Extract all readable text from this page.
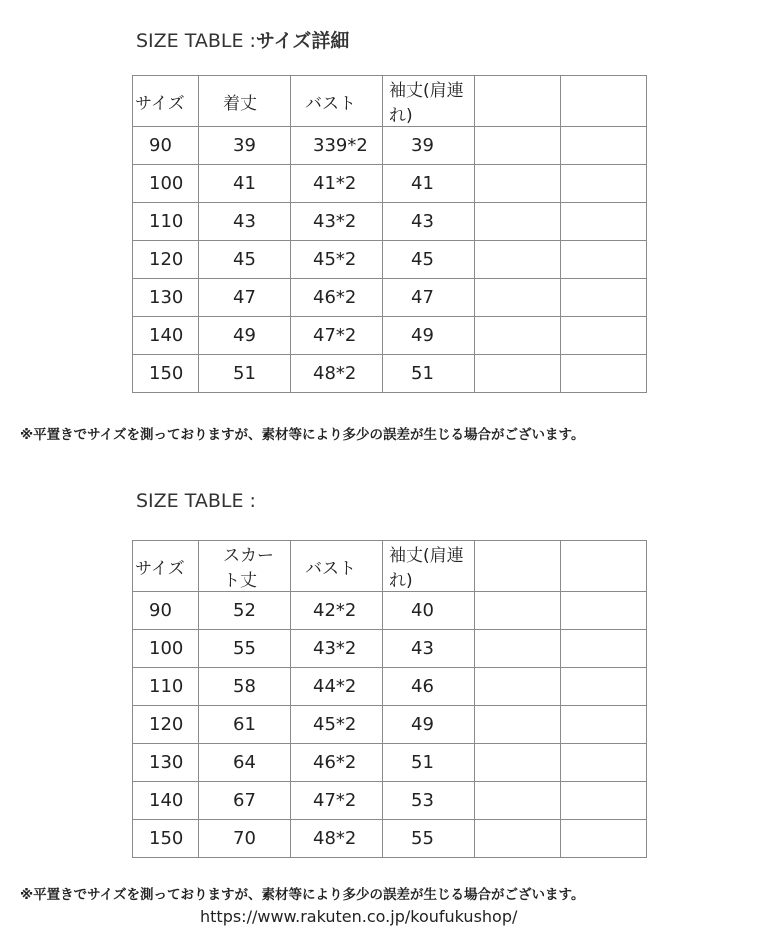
SIZE TABLE :サイズ詳細
サイズ	着丈	バスト	袖丈(肩連れ)		
90	39	339*2	39		
100	41	41*2	41		
110	43	43*2	43		
120	45	45*2	45		
130	47	46*2	47		
140	49	47*2	49		
150	51	48*2	51		
※平置きでサイズを測っておりますが、素材等により多少の誤差が生じる場合がございます。
SIZE TABLE :
サイズ	スカート丈	バスト	袖丈(肩連れ)		
90	52	42*2	40		
100	55	43*2	43		
110	58	44*2	46		
120	61	45*2	49		
130	64	46*2	51		
140	67	47*2	53		
150	70	48*2	55		
※平置きでサイズを測っておりますが、素材等により多少の誤差が生じる場合がございます。
https://www.rakuten.co.jp/koufukushop/
